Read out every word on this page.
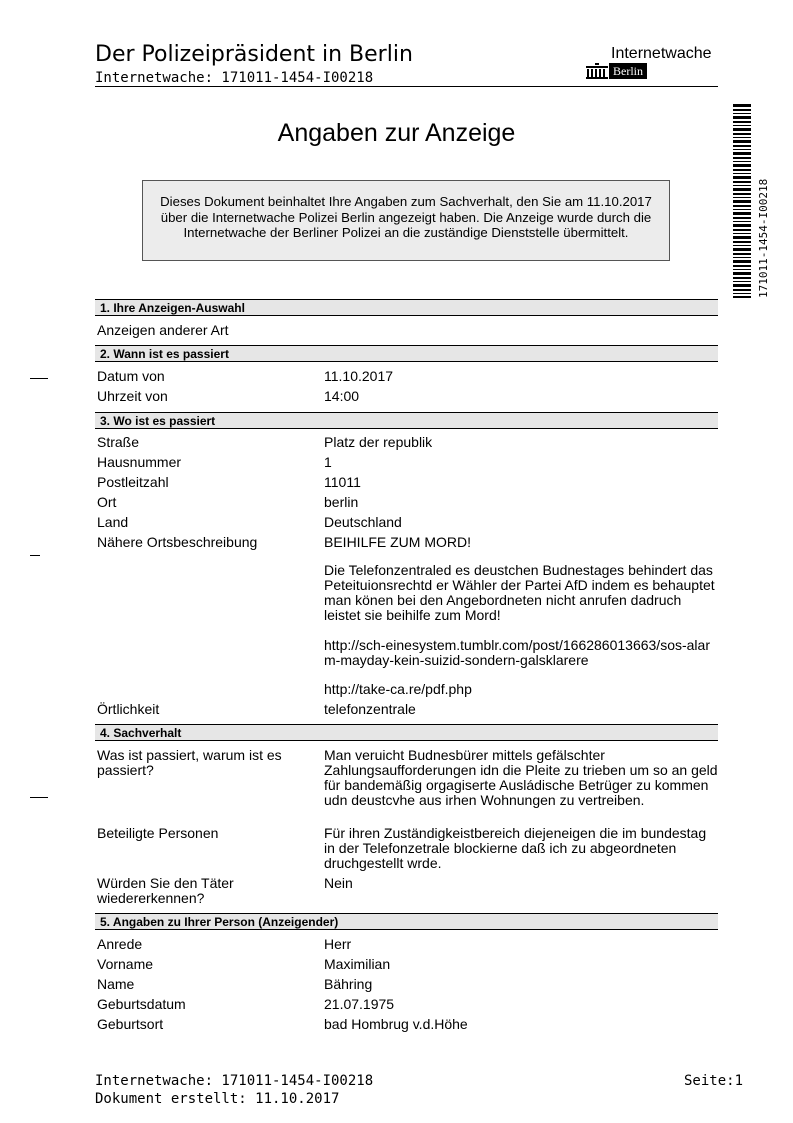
Der Polizeipräsident in Berlin
Internetwache: 171011-1454-I00218
Internetwache
Berlin
171011-1454-I00218
Angaben zur Anzeige
Dieses Dokument beinhaltet Ihre Angaben zum Sachverhalt, den Sie am 11.10.2017 über die Internetwache Polizei Berlin angezeigt haben. Die Anzeige wurde durch die Internetwache der Berliner Polizei an die zuständige Dienststelle übermittelt.
1. Ihre Anzeigen-Auswahl
Anzeigen anderer Art
2. Wann ist es passiert
Datum von	11.10.2017
Uhrzeit von	14:00
3. Wo ist es passiert
Straße	Platz der republik
Hausnummer	1
Postleitzahl	11011
Ort	berlin
Land	Deutschland
Nähere Ortsbeschreibung	BEIHILFE ZUM MORD!
Die Telefonzentraled es deustchen Budnestages behindert das Peteituionsrechtd er Wähler der Partei AfD indem es behauptet man könen bei den Angebordneten nicht anrufen dadruch leistet sie beihilfe zum Mord!
http://sch-einesystem.tumblr.com/post/166286013663/sos-alarm-mayday-kein-suizid-sondern-galsklarere
http://take-ca.re/pdf.php
Örtlichkeit	telefonzentrale
4. Sachverhalt
Was ist passiert, warum ist es passiert?
Man veruicht Budnesbürer mittels gefälschter Zahlungsaufforderungen idn die Pleite zu trieben um so an geld für bandemäßig orgagiserte Ausládische Betrüger zu kommen udn deustcvhe aus irhen Wohnungen zu vertreiben.
Beteiligte Personen	Für ihren Zuständigkeistbereich diejeneigen die im bundestag in der Telefonzetrale blockierne daß ich zu abgeordneten druchgestellt wrde.
Würden Sie den Täter wiedererkennen?
Nein
5. Angaben zu Ihrer Person (Anzeigender)
Anrede	Herr
Vorname	Maximilian
Name	Bähring
Geburtsdatum	21.07.1975
Geburtsort	bad Hombrug v.d.Höhe
Internetwache: 171011-1454-I00218
Dokument erstellt: 11.10.2017
Seite:1
